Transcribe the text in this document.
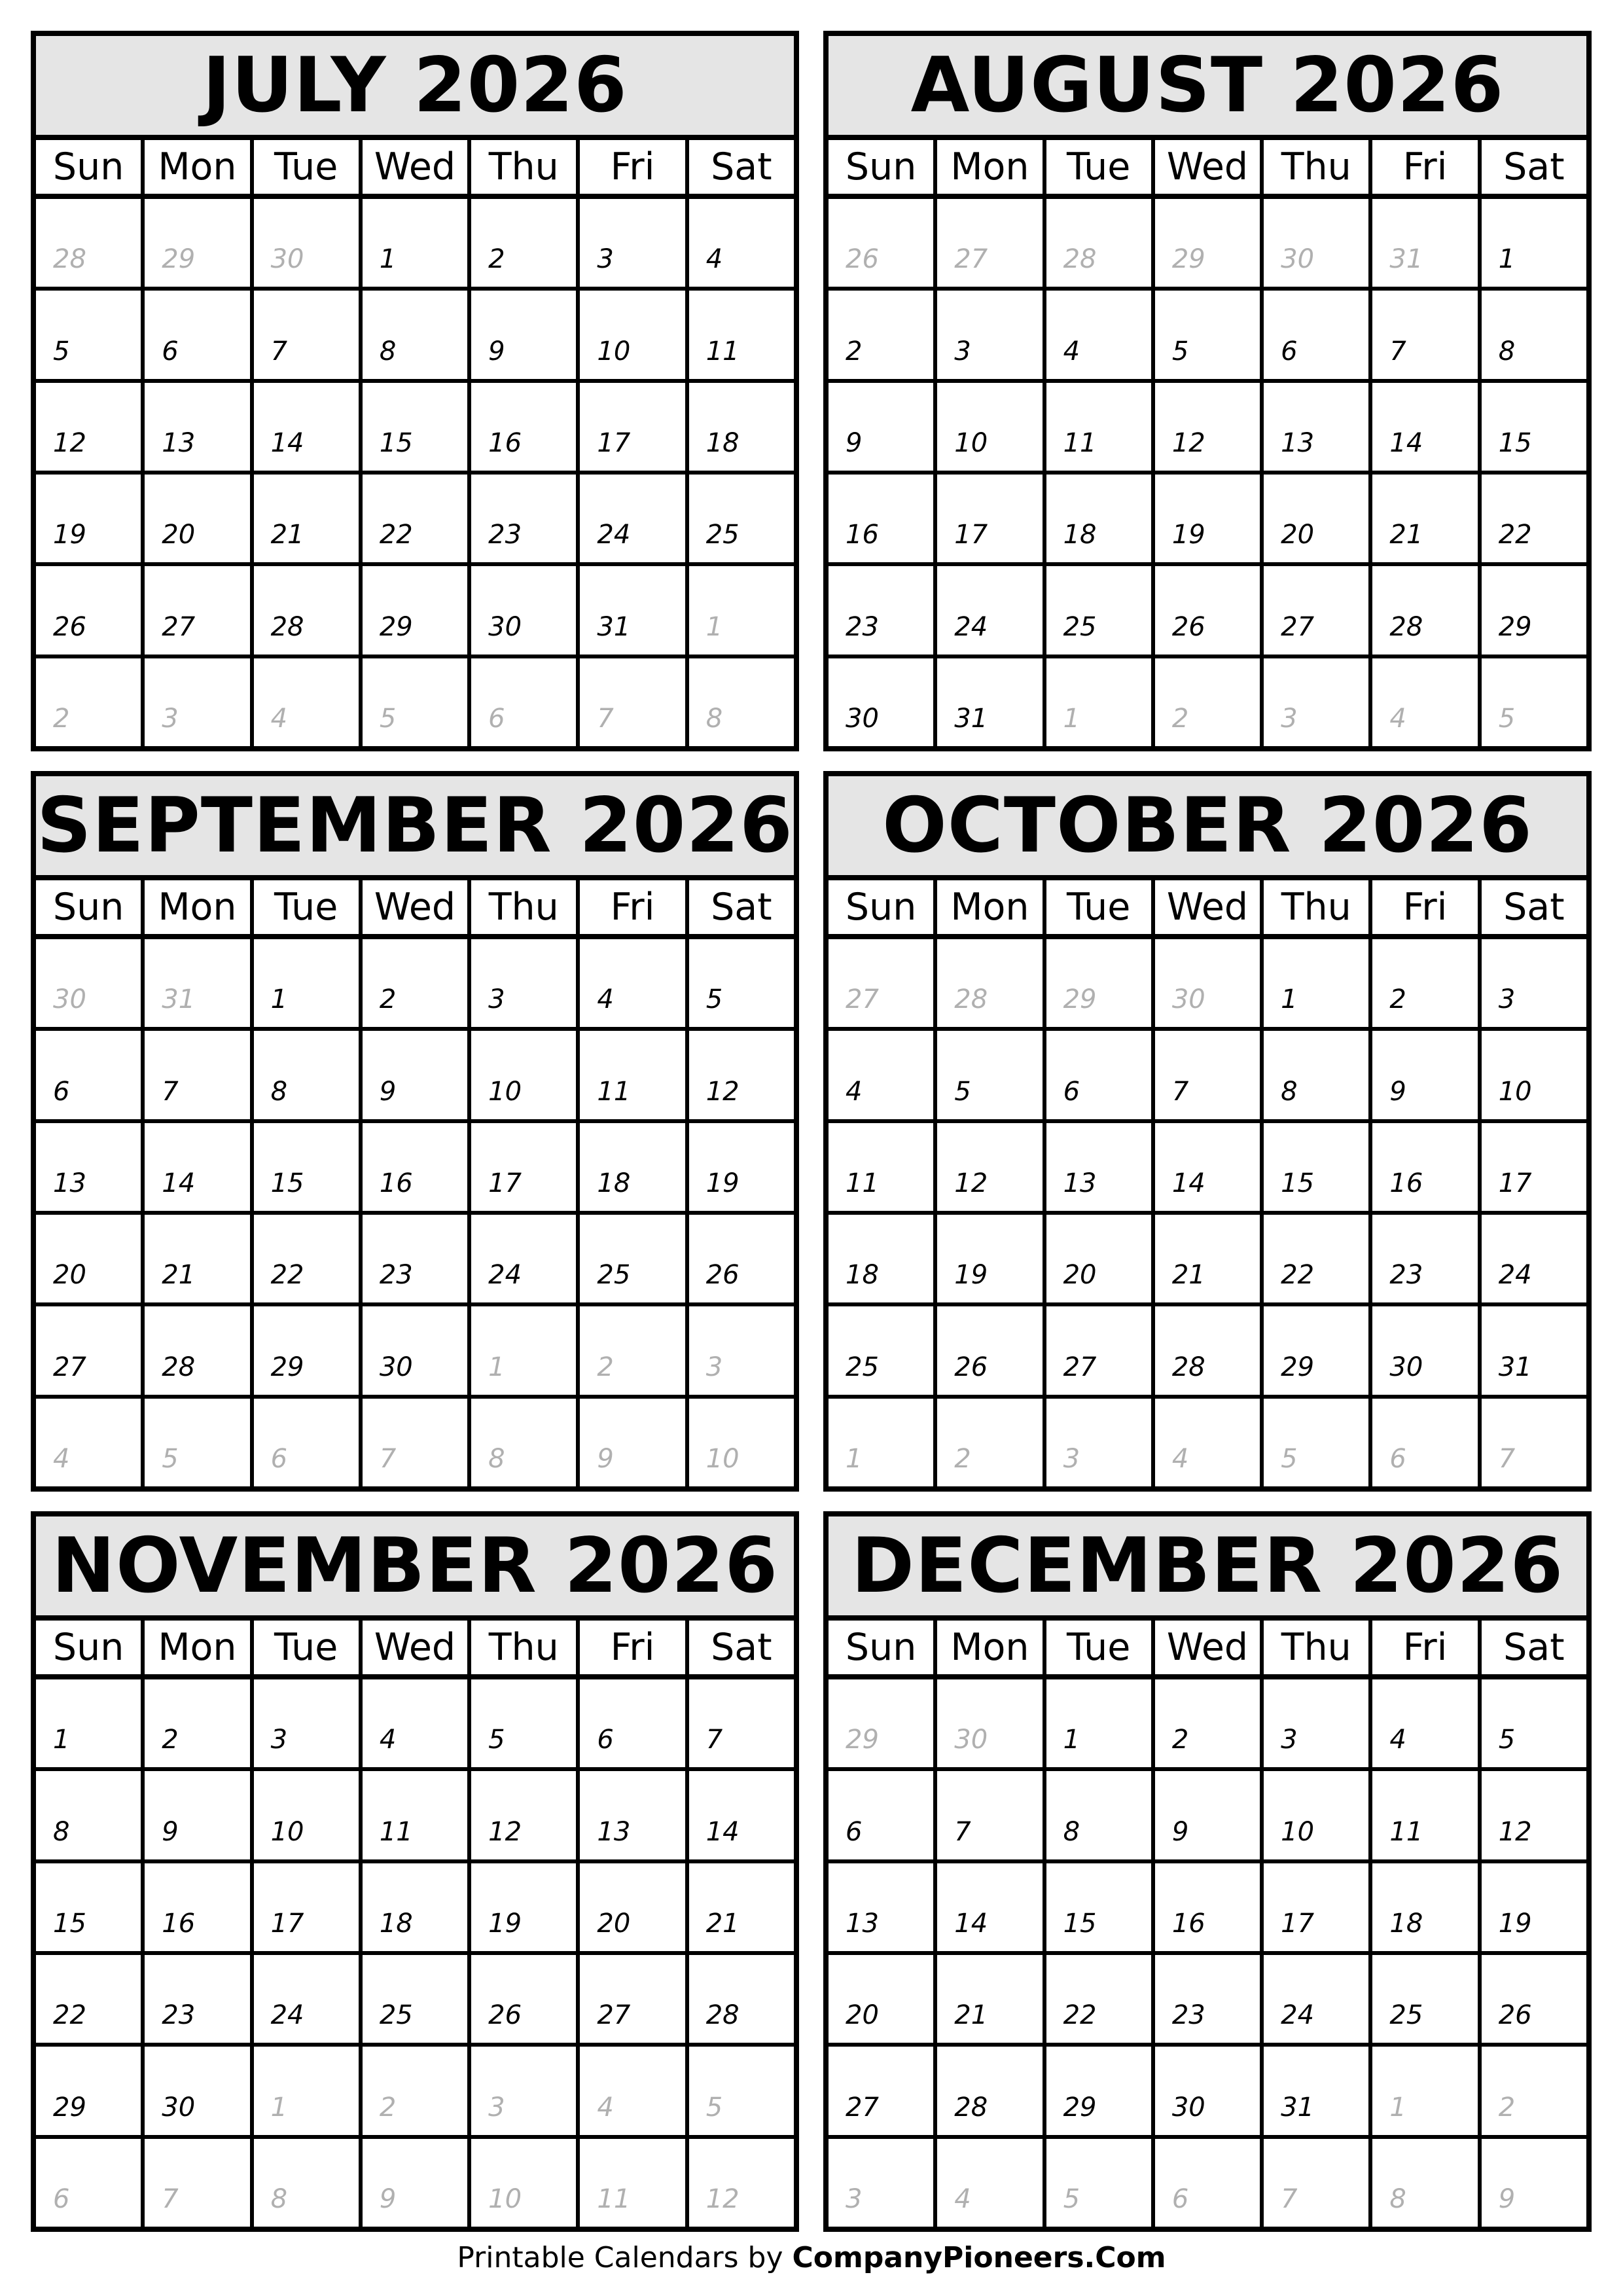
JULY 2026
Sun Mon	Tue Wed Thu	Fri	Sat
28	29	30	1	2	3	4
5	6	7	8	9	10	11
12	13	14	15	16	17	18
19	20	21	22	23	24	25
26	27	28	29	30	31	1
2	3	4	5	6	7	8
AUGUST 2026
Sun Mon	Tue Wed Thu	Fri	Sat
26	27	28	29	30	31	1
2	3	4	5	6	7	8
9	10	11	12	13	14	15
16	17	18	19	20	21	22
23	24	25	26	27	28	29
30	31	1	2	3	4	5
SEPTEMBER 2026
Sun Mon	Tue Wed Thu	Fri	Sat
30	31	1	2	3	4	5
6	7	8	9	10	11	12
13	14	15	16	17	18	19
20	21	22	23	24	25	26
27	28	29	30	1	2	3
4	5	6	7	8	9	10
OCTOBER 2026
Sun Mon	Tue Wed Thu	Fri	Sat
27	28	29	30	1	2	3
4	5	6	7	8	9	10
11	12	13	14	15	16	17
18	19	20	21	22	23	24
25	26	27	28	29	30	31
1	2	3	4	5	6	7
NOVEMBER 2026
Sun Mon	Tue Wed Thu	Fri	Sat
1	2	3	4	5	6	7
8	9	10	11	12	13	14
15	16	17	18	19	20	21
22	23	24	25	26	27	28
29	30	1	2	3	4	5
6	7	8	9	10	11	12
DECEMBER 2026
Sun Mon	Tue Wed Thu	Fri	Sat
29	30	1	2	3	4	5
6	7	8	9	10	11	12
13	14	15	16	17	18	19
20	21	22	23	24	25	26
27	28	29	30	31	1	2
3	4	5	6	7	8	9
Printable Calendars by CompanyPioneers.Com
